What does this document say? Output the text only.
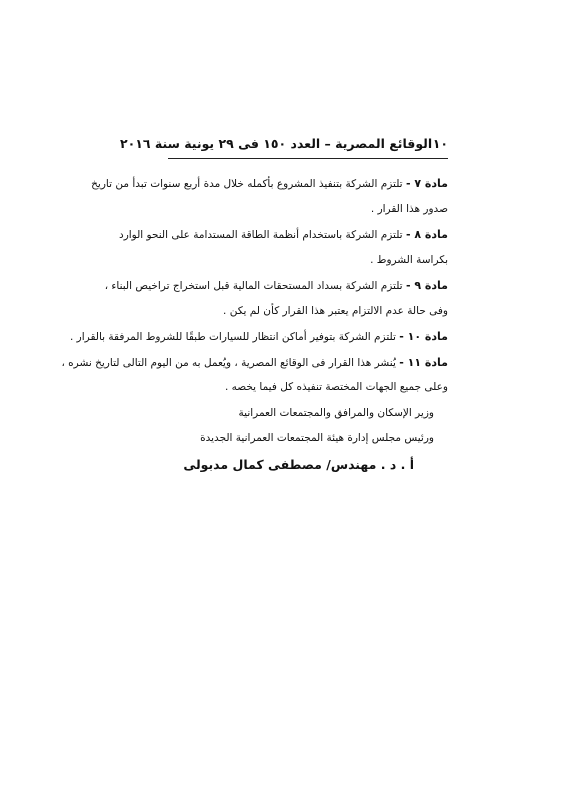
١٠
الوقائع المصرية – العدد ١٥٠ فى ٢٩ يونية سنة ٢٠١٦
مادة ٧ - تلتزم الشركة بتنفيذ المشروع بأكمله خلال مدة أربع سنوات تبدأ من تاريخ
صدور هذا القرار .
مادة ٨ - تلتزم الشركة باستخدام أنظمة الطاقة المستدامة على النحو الوارد
بكراسة الشروط .
مادة ٩ - تلتزم الشركة بسداد المستحقات المالية قبل استخراج تراخيص البناء ،
وفى حالة عدم الالتزام يعتبر هذا القرار كأن لم يكن .
مادة ١٠ - تلتزم الشركة بتوفير أماكن انتظار للسيارات طبقًا للشروط المرفقة بالقرار .
مادة ١١ - يُنشر هذا القرار فى الوقائع المصرية ، ويُعمل به من اليوم التالى لتاريخ نشره ،
وعلى جميع الجهات المختصة تنفيذه كل فيما يخصه .
وزير الإسكان والمرافق والمجتمعات العمرانية
ورئيس مجلس إدارة هيئة المجتمعات العمرانية الجديدة
أ . د . مهندس/ مصطفى كمال مدبولى
